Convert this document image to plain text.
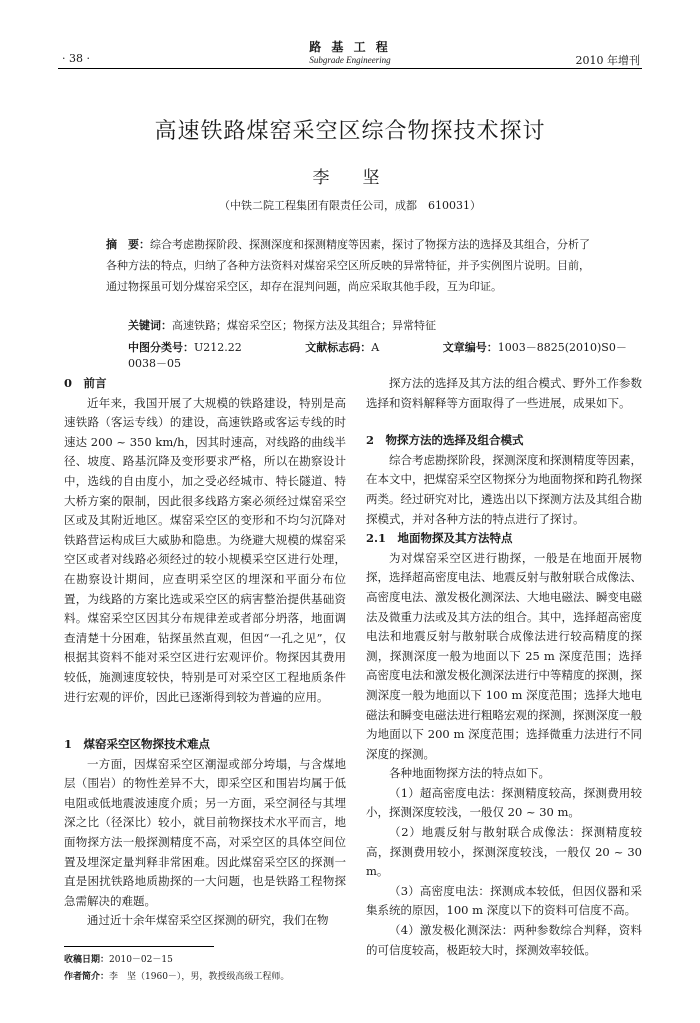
· 38 ·
路 基 工 程
Subgrade Engineering	2010 年增刊
高速铁路煤窑采空区综合物探技术探讨
李　坚
（中铁二院工程集团有限责任公司，成都　610031）
摘　要：综合考虑勘探阶段、探测深度和探测精度等因素，探讨了物探方法的选择及其组合，分析了各种方法的特点，归纳了各种方法资料对煤窑采空区所反映的异常特征，并予实例图片说明。目前，通过物探虽可划分煤窑采空区，却存在混判问题，尚应采取其他手段，互为印证。
关键词：高速铁路；煤窑采空区；物探方法及其组合；异常特征
中图分类号：U212.22	文献标志码：A	文章编号：1003－8825(2010)S0－0038－05
0　前言

近年来，我国开展了大规模的铁路建设，特别是高速铁路（客运专线）的建设，高速铁路或客运专线的时速达 200 ~ 350 km/h，因其时速高，对线路的曲线半径、坡度、路基沉降及变形要求严格，所以在勘察设计中，选线的自由度小，加之受必经城市、特长隧道、特大桥方案的限制，因此很多线路方案必须经过煤窑采空区或及其附近地区。煤窑采空区的变形和不均匀沉降对铁路营运构成巨大威胁和隐患。为绕避大规模的煤窑采空区或者对线路必须经过的较小规模采空区进行处理，在勘察设计期间，应查明采空区的埋深和平面分布位置，为线路的方案比选或采空区的病害整治提供基础资料。煤窑采空区因其分布规律差或者部分坍落，地面调查清楚十分困难，钻探虽然直观，但因“一孔之见”，仅根据其资料不能对采空区进行宏观评价。物探因其费用较低，施测速度较快，特别是可对采空区工程地质条件进行宏观的评价，因此已逐渐得到较为普遍的应用。

1　煤窑采空区物探技术难点

一方面，因煤窑采空区潮湿或部分垮塌，与含煤地层（围岩）的物性差异不大，即采空区和围岩均属于低电阻或低地震波速度介质；另一方面，采空洞径与其埋深之比（径深比）较小，就目前物探技术水平而言，地面物探方法一般探测精度不高，对采空区的具体空间位置及埋深定量判释非常困难。因此煤窑采空区的探测一直是困扰铁路地质勘探的一大问题，也是铁路工程物探急需解决的难题。

通过近十余年煤窑采空区探测的研究，我们在物

探方法的选择及其方法的组合模式、野外工作参数选择和资料解释等方面取得了一些进展，成果如下。

2　物探方法的选择及组合模式

综合考虑勘探阶段，探测深度和探测精度等因素，在本文中，把煤窑采空区物探分为地面物探和跨孔物探两类。经过研究对比，遴选出以下探测方法及其组合勘探模式，并对各种方法的特点进行了探讨。

2.1　地面物探及其方法特点

为对煤窑采空区进行勘探，一般是在地面开展物探，选择超高密度电法、地震反射与散射联合成像法、高密度电法、激发极化测深法、大地电磁法、瞬变电磁法及微重力法或及其方法的组合。其中，选择超高密度电法和地震反射与散射联合成像法进行较高精度的探测，探测深度一般为地面以下 25 m 深度范围；选择高密度电法和激发极化测深法进行中等精度的探测，探测深度一般为地面以下 100 m 深度范围；选择大地电磁法和瞬变电磁法进行粗略宏观的探测，探测深度一般为地面以下 200 m 深度范围；选择微重力法进行不同深度的探测。

各种地面物探方法的特点如下。

（1）超高密度电法：探测精度较高，探测费用较小，探测深度较浅，一般仅 20 ~ 30 m。

（2）地震反射与散射联合成像法：探测精度较高，探测费用较小，探测深度较浅，一般仅 20 ~ 30 m。

（3）高密度电法：探测成本较低，但因仪器和采集系统的原因，100 m 深度以下的资料可信度不高。

（4）激发极化测深法：两种参数综合判释，资料的可信度较高，极距较大时，探测效率较低。

收稿日期：2010－02－15
作者简介：李　坚（1960－），男，教授级高级工程师。
